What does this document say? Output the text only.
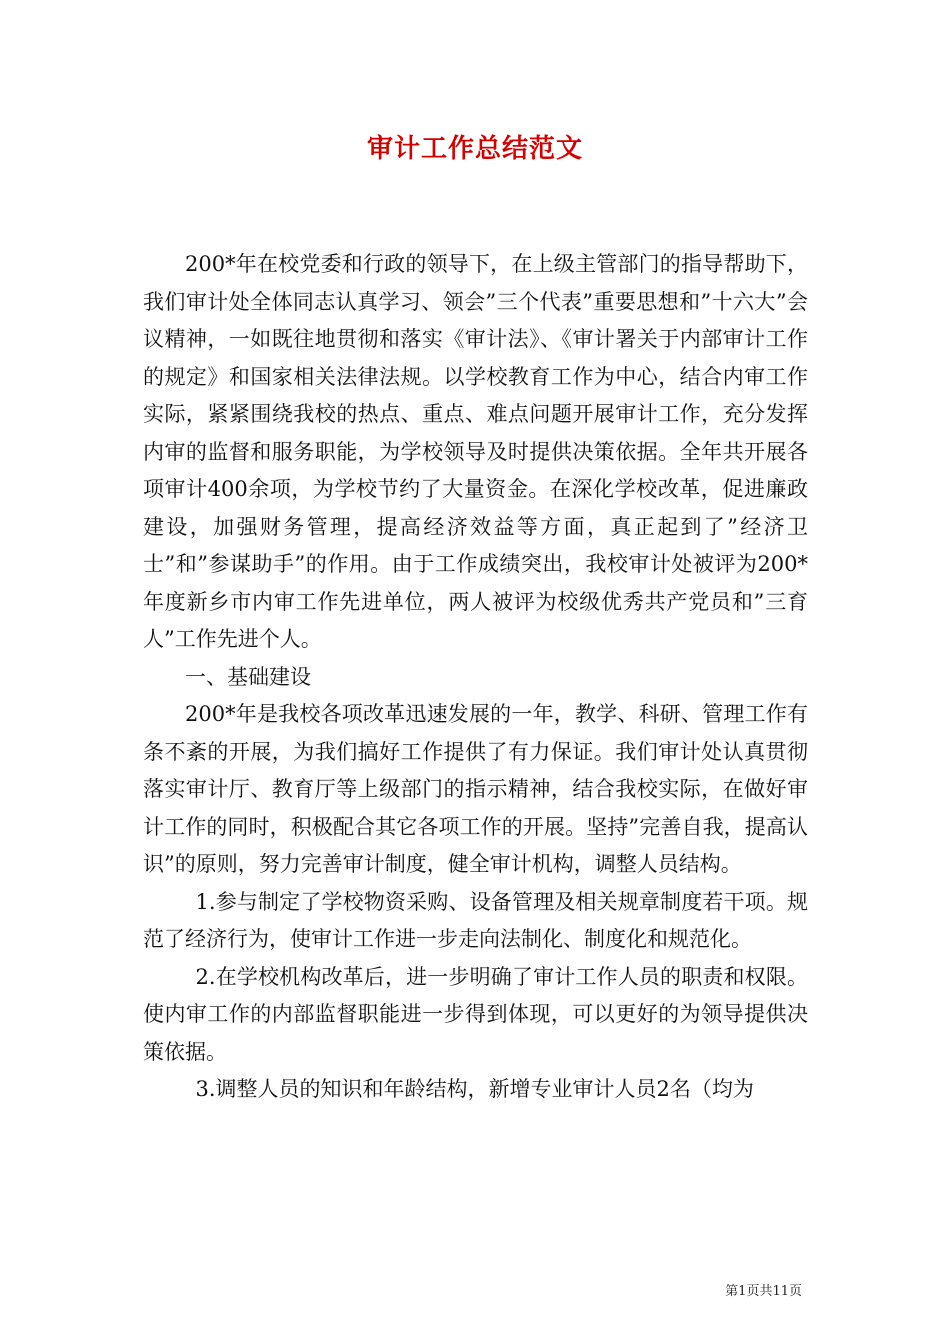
审计工作总结范文

200*年在校党委和行政的领导下，在上级主管部门的指导帮助下，我们审计处全体同志认真学习、领会”三个代表”重要思想和”十六大”会议精神，一如既往地贯彻和落实《审计法》、《审计署关于内部审计工作的规定》和国家相关法律法规。以学校教育工作为中心，结合内审工作实际，紧紧围绕我校的热点、重点、难点问题开展审计工作，充分发挥内审的监督和服务职能，为学校领导及时提供决策依据。全年共开展各项审计400余项，为学校节约了大量资金。在深化学校改革，促进廉政建设，加强财务管理，提高经济效益等方面，真正起到了”经济卫士”和”参谋助手”的作用。由于工作成绩突出，我校审计处被评为200*年度新乡市内审工作先进单位，两人被评为校级优秀共产党员和”三育人”工作先进个人。

一、基础建设

200*年是我校各项改革迅速发展的一年，教学、科研、管理工作有条不紊的开展，为我们搞好工作提供了有力保证。我们审计处认真贯彻落实审计厅、教育厅等上级部门的指示精神，结合我校实际，在做好审计工作的同时，积极配合其它各项工作的开展。坚持”完善自我，提高认识”的原则，努力完善审计制度，健全审计机构，调整人员结构。

1.参与制定了学校物资采购、设备管理及相关规章制度若干项。规范了经济行为，使审计工作进一步走向法制化、制度化和规范化。

2.在学校机构改革后，进一步明确了审计工作人员的职责和权限。使内审工作的内部监督职能进一步得到体现，可以更好的为领导提供决策依据。

3.调整人员的知识和年龄结构，新增专业审计人员2名（均为

第1页共11页
